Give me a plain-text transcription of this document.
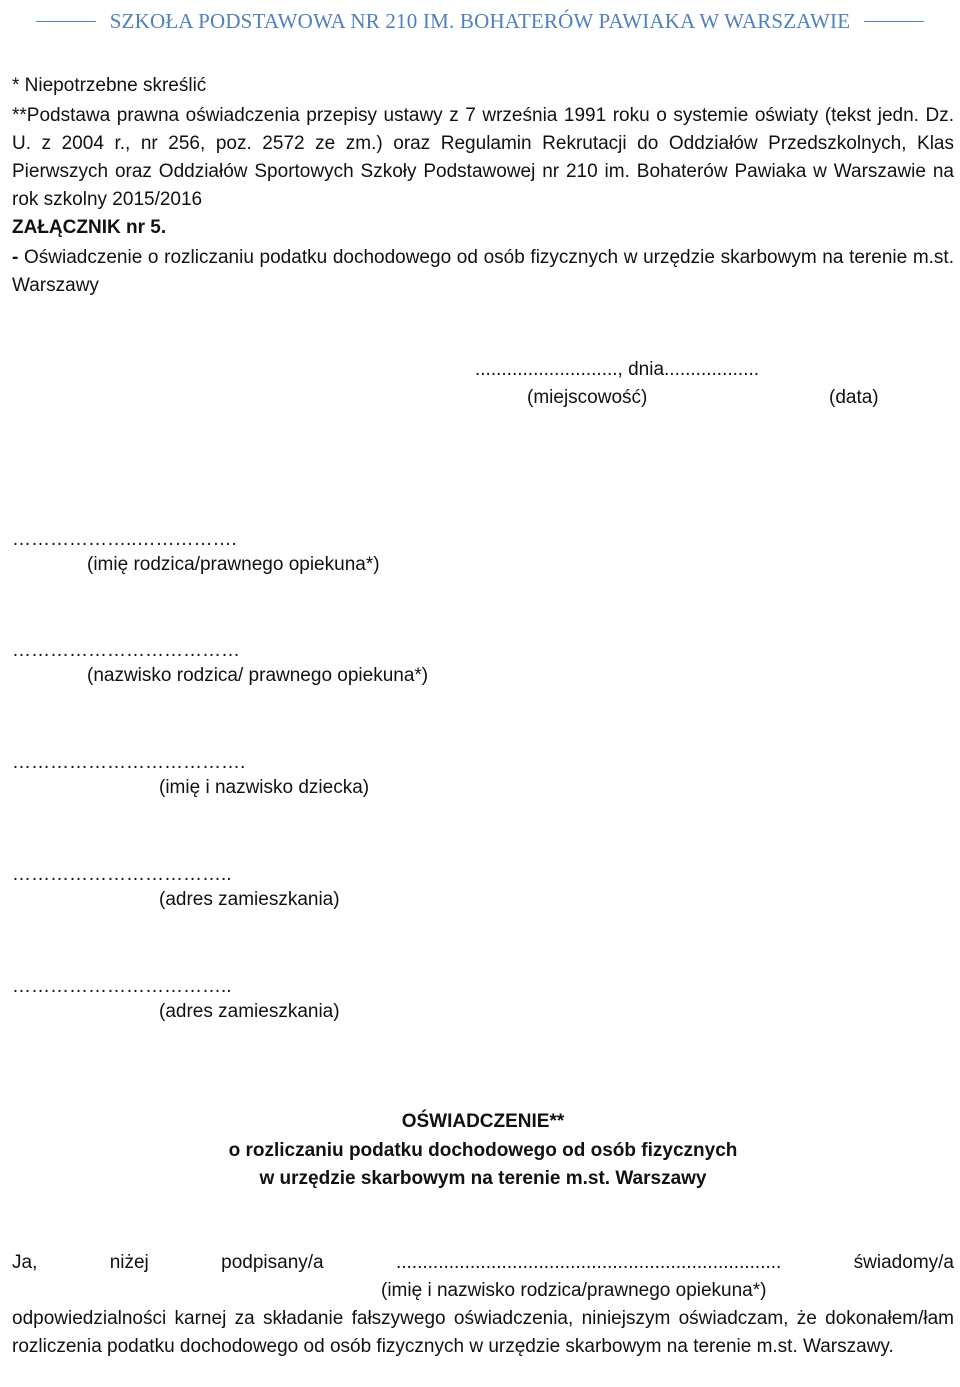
SZKOŁA PODSTAWOWA NR 210 IM. BOHATERÓW PAWIAKA W WARSZAWIE
* Niepotrzebne skreślić
**Podstawa prawna oświadczenia przepisy ustawy z 7 września 1991 roku o systemie oświaty (tekst jedn. Dz. U. z 2004 r., nr 256, poz. 2572 ze zm.) oraz Regulamin Rekrutacji do Oddziałów Przedszkolnych, Klas Pierwszych oraz Oddziałów Sportowych Szkoły Podstawowej nr 210 im. Bohaterów Pawiaka w Warszawie na rok szkolny 2015/2016
ZAŁĄCZNIK nr 5.
- Oświadczenie o rozliczaniu podatku dochodowego od osób fizycznych w urzędzie skarbowym na terenie m.st. Warszawy
..........................., dnia..................
(miejscowość)	(data)
………………..…………….
(imię rodzica/prawnego opiekuna*)
………………………………
(nazwisko rodzica/ prawnego opiekuna*)
……………………………….
(imię i nazwisko dziecka)
……………………………..
(adres zamieszkania)
……………………………..
(adres zamieszkania)
OŚWIADCZENIE**
o rozliczaniu podatku dochodowego od osób fizycznych
w urzędzie skarbowym na terenie m.st. Warszawy
Ja, niżej podpisany/a ......................................................................... świadomy/a
(imię i nazwisko rodzica/prawnego opiekuna*)
odpowiedzialności karnej za składanie fałszywego oświadczenia, niniejszym oświadczam, że dokonałem/łam rozliczenia podatku dochodowego od osób fizycznych w urzędzie skarbowym na terenie m.st. Warszawy.
